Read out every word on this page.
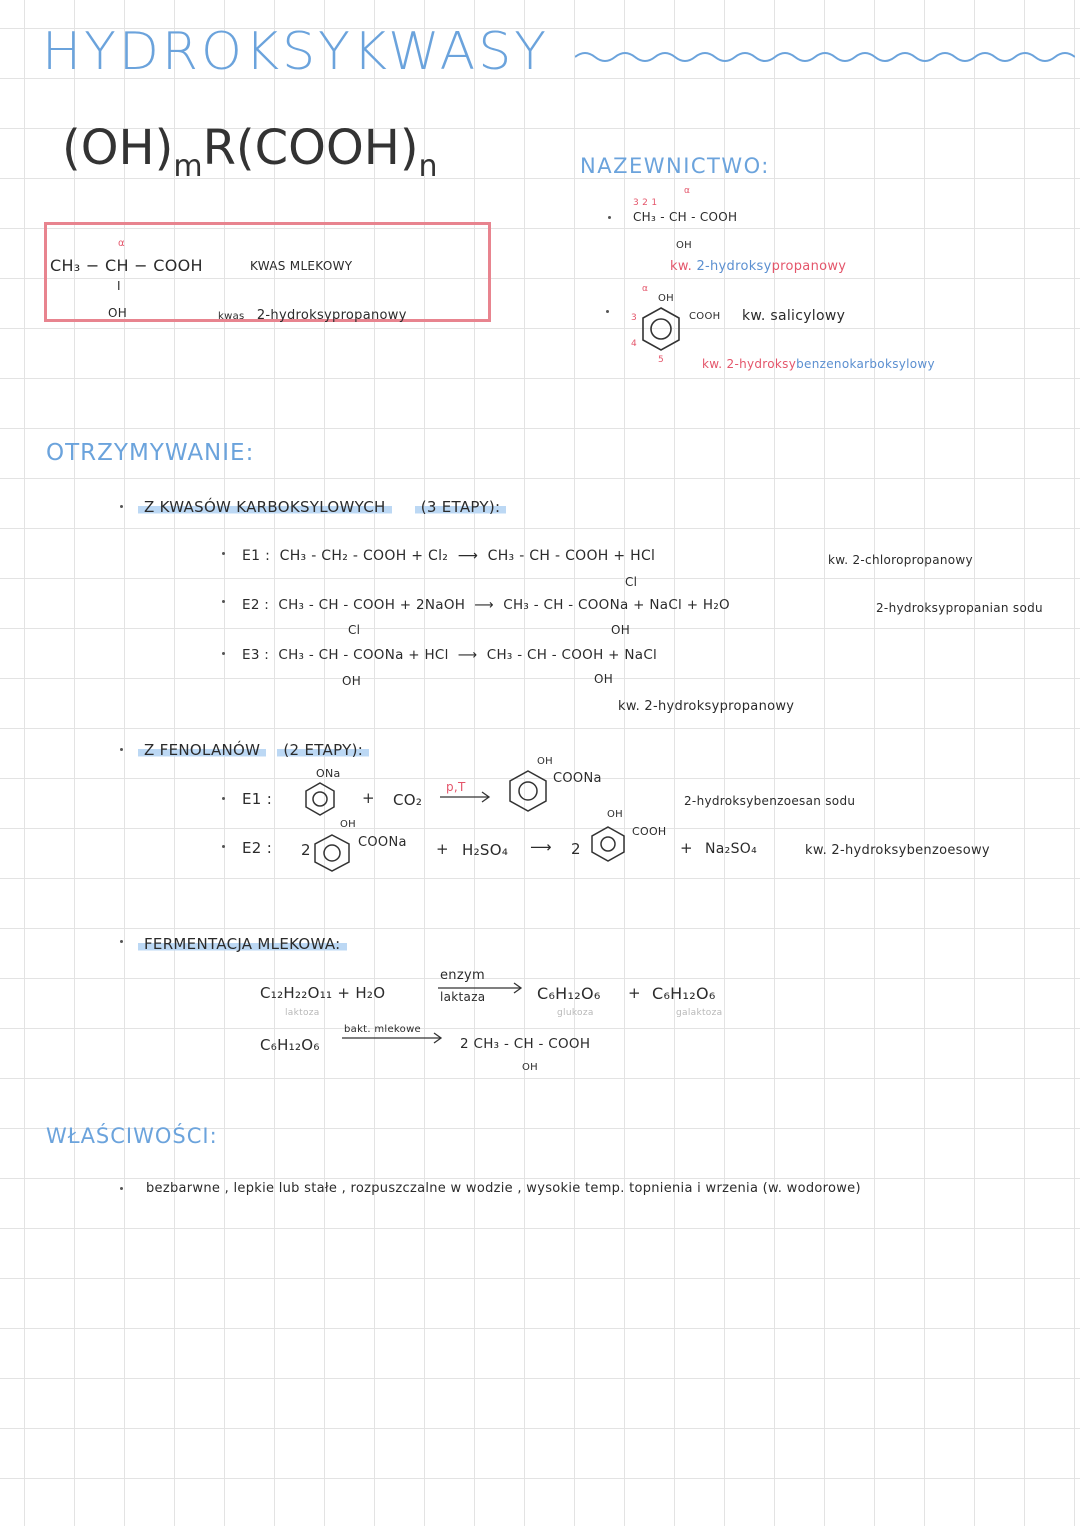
HYDROKSYKWASY
$(OH)_mR(COOH)_n$
α
CH₃ − CH − COOH
I
OH
KWAS MLEKOWY
kwas 2-hydroksypropanowy
NAZEWNICTWO:
3 2 1
α
CH₃ - CH - COOH
OH
kw. 2-hydroksypropanowy
α
OH
COOH
3
4
5
kw. salicylowy
kw. 2-hydroksybenzenokarboksylowy
OTRZYMYWANIE:
Z KWASÓW KARBOKSYLOWYCH (3 ETAPY):
E1 : CH₃ - CH₂ - COOH + Cl₂ ⟶ CH₃ - CH - COOH + HCl
Cl
kw. 2-chloropropanowy
E2 : CH₃ - CH - COOH + 2NaOH ⟶ CH₃ - CH - COONa + NaCl + H₂O
Cl	OH
2-hydroksypropanian sodu
E3 : CH₃ - CH - COONa + HCl ⟶ CH₃ - CH - COOH + NaCl
OH	OH
kw. 2-hydroksypropanowy
Z FENOLANÓW (2 ETAPY):
E1 :
ONa
+ CO₂
p,T
OH
COONa
E2 : 2
OH
COONa + H₂SO₄ ⟶ 2
OH
COOH
+ Na₂SO₄
2-hydroksybenzoesan sodu
kw. 2-hydroksybenzoesowy
FERMENTACJA MLEKOWA:
C₁₂H₂₂O₁₁ + H₂O
laktoza
enzym
laktaza	C₆H₁₂O₆
glukoza
+ C₆H₁₂O₆
galaktoza
C₆H₁₂O₆
bakt. mlekowe
2 CH₃ - CH - COOH
OH
WŁAŚCIWOŚCI:
bezbarwne , lepkie lub stałe , rozpuszczalne w wodzie , wysokie temp. topnienia i wrzenia (w. wodorowe)
